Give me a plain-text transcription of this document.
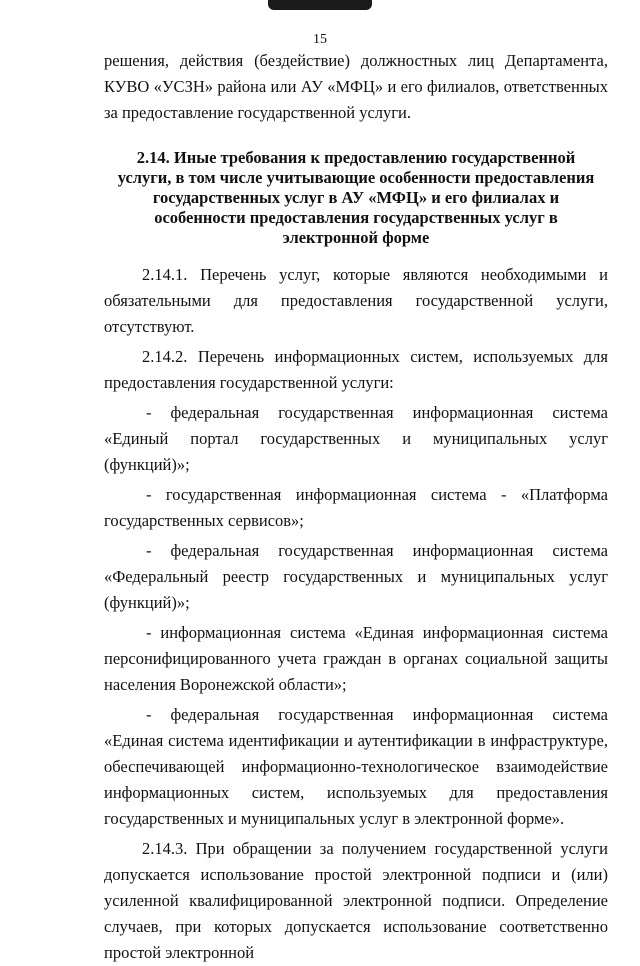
15

решения, действия (бездействие) должностных лиц Департамента, КУВО «УСЗН» района или АУ «МФЦ» и его филиалов, ответственных за предоставление государственной услуги.

2.14. Иные требования к предоставлению государственной услуги, в том числе учитывающие особенности предоставления государственных услуг в АУ «МФЦ» и его филиалах и особенности предоставления государственных услуг в электронной форме

2.14.1. Перечень услуг, которые являются необходимыми и обязательными для предоставления государственной услуги, отсутствуют.

2.14.2. Перечень информационных систем, используемых для предоставления государственной услуги:

- федеральная государственная информационная система «Единый портал государственных и муниципальных услуг (функций)»;

- государственная информационная система - «Платформа государственных сервисов»;

- федеральная государственная информационная система «Федеральный реестр государственных и муниципальных услуг (функций)»;

- информационная система «Единая информационная система персонифицированного учета граждан в органах социальной защиты населения Воронежской области»;

- федеральная государственная информационная система «Единая система идентификации и аутентификации в инфраструктуре, обеспечивающей информационно-технологическое взаимодействие информационных систем, используемых для предоставления государственных и муниципальных услуг в электронной форме».

2.14.3. При обращении за получением государственной услуги допускается использование простой электронной подписи и (или) усиленной квалифицированной электронной подписи. Определение случаев, при которых допускается использование соответственно простой электронной
